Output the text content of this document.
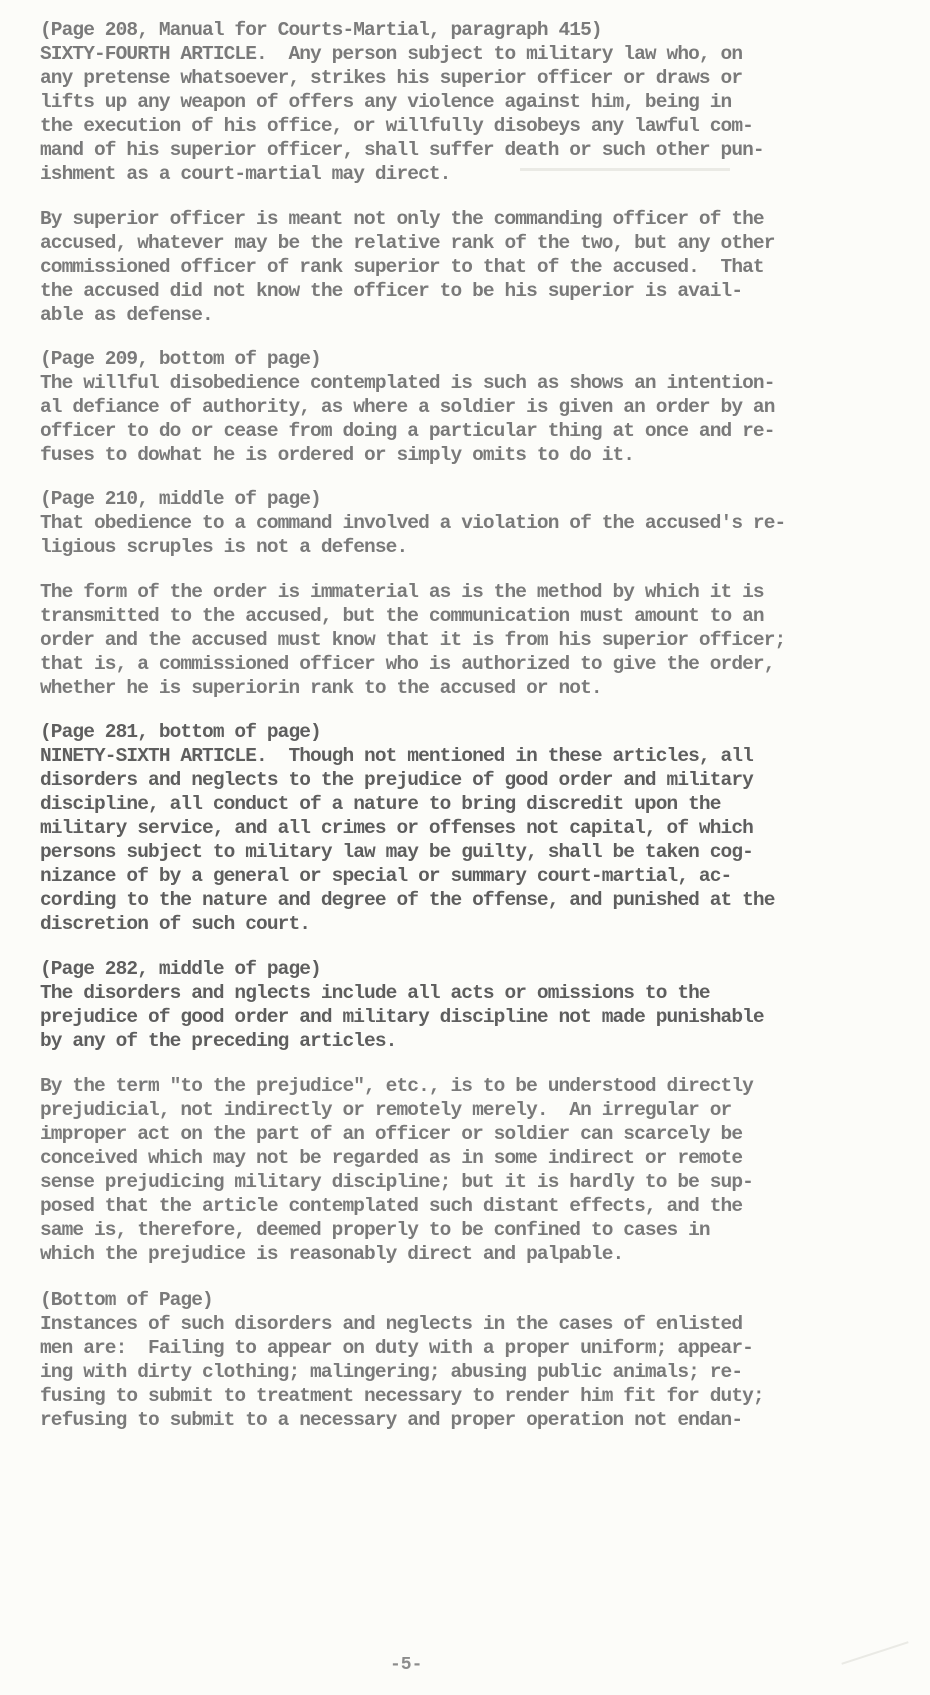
(Page 208, Manual for Courts-Martial, paragraph 415)

SIXTY-FOURTH ARTICLE.  Any person subject to military law who, on

any pretense whatsoever, strikes his superior officer or draws or

lifts up any weapon of offers any violence against him, being in

the execution of his office, or willfully disobeys any lawful com-

mand of his superior officer, shall suffer death or such other pun-

ishment as a court-martial may direct.

By superior officer is meant not only the commanding officer of the

accused, whatever may be the relative rank of the two, but any other

commissioned officer of rank superior to that of the accused.  That

the accused did not know the officer to be his superior is avail-

able as defense.

(Page 209, bottom of page)

The willful disobedience contemplated is such as shows an intention-

al defiance of authority, as where a soldier is given an order by an

officer to do or cease from doing a particular thing at once and re-

fuses to dowhat he is ordered or simply omits to do it.

(Page 210, middle of page)

That obedience to a command involved a violation of the accused's re-

ligious scruples is not a defense.

The form of the order is immaterial as is the method by which it is

transmitted to the accused, but the communication must amount to an

order and the accused must know that it is from his superior officer;

that is, a commissioned officer who is authorized to give the order,

whether he is superiorin rank to the accused or not.

(Page 281, bottom of page)

NINETY-SIXTH ARTICLE.  Though not mentioned in these articles, all

disorders and neglects to the prejudice of good order and military

discipline, all conduct of a nature to bring discredit upon the

military service, and all crimes or offenses not capital, of which

persons subject to military law may be guilty, shall be taken cog-

nizance of by a general or special or summary court-martial, ac-

cording to the nature and degree of the offense, and punished at the

discretion of such court.

(Page 282, middle of page)

The disorders and nglects include all acts or omissions to the

prejudice of good order and military discipline not made punishable

by any of the preceding articles.

By the term "to the prejudice", etc., is to be understood directly

prejudicial, not indirectly or remotely merely.  An irregular or

improper act on the part of an officer or soldier can scarcely be

conceived which may not be regarded as in some indirect or remote

sense prejudicing military discipline; but it is hardly to be sup-

posed that the article contemplated such distant effects, and the

same is, therefore, deemed properly to be confined to cases in

which the prejudice is reasonably direct and palpable.

(Bottom of Page)

Instances of such disorders and neglects in the cases of enlisted

men are:  Failing to appear on duty with a proper uniform; appear-

ing with dirty clothing; malingering; abusing public animals; re-

fusing to submit to treatment necessary to render him fit for duty;

refusing to submit to a necessary and proper operation not endan-

-5-
